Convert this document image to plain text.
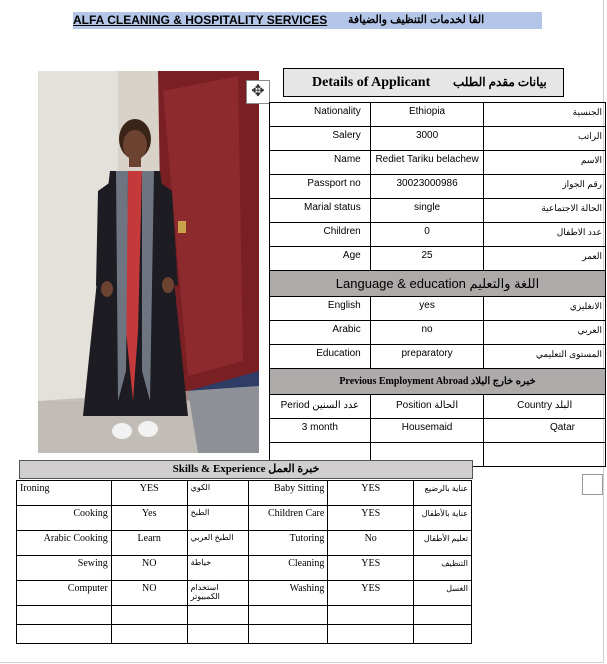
ALFA CLEANING & HOSPITALITY SERVICES الفا لخدمات التنظيف والضيافة
✥
Details of Applicant بيانات مقدم الطلب
Nationality	Ethiopia	الجنسية
Salery	3000	الراتب
Name	Rediet Tariku belachew	الاسم
Passport no	30023000986	رقم الجواز
Marial status	single	الحالة الاجتماعية
Children	0	عدد الاطفال
Age	25	العمر
Language & education اللغة والتعليم		
English	yes	الانغليزي
Arabic	no	العربي
Education	preparatory	المستوى التعليمي
Previous Employment Abroad خبره خارج البلاد		
Period عدد السنين	Position الحالة	Country البلد
3 month	Housemaid	Qatar

Skills & Experience خبرة العمل
Ironing	YES	الكوي	Baby Sitting	YES	عناية بالرضيع
Cooking	Yes	الطبخ	Children Care	YES	عناية بالأطفال
Arabic Cooking	Learn	الطبخ العربي	Tutoring	No	تعليم الأطفال
Sewing	NO	خياطة	Cleaning	YES	التنظيف
Computer	NO	استخدام الكمبيوتر	Washing	YES	الغسل
